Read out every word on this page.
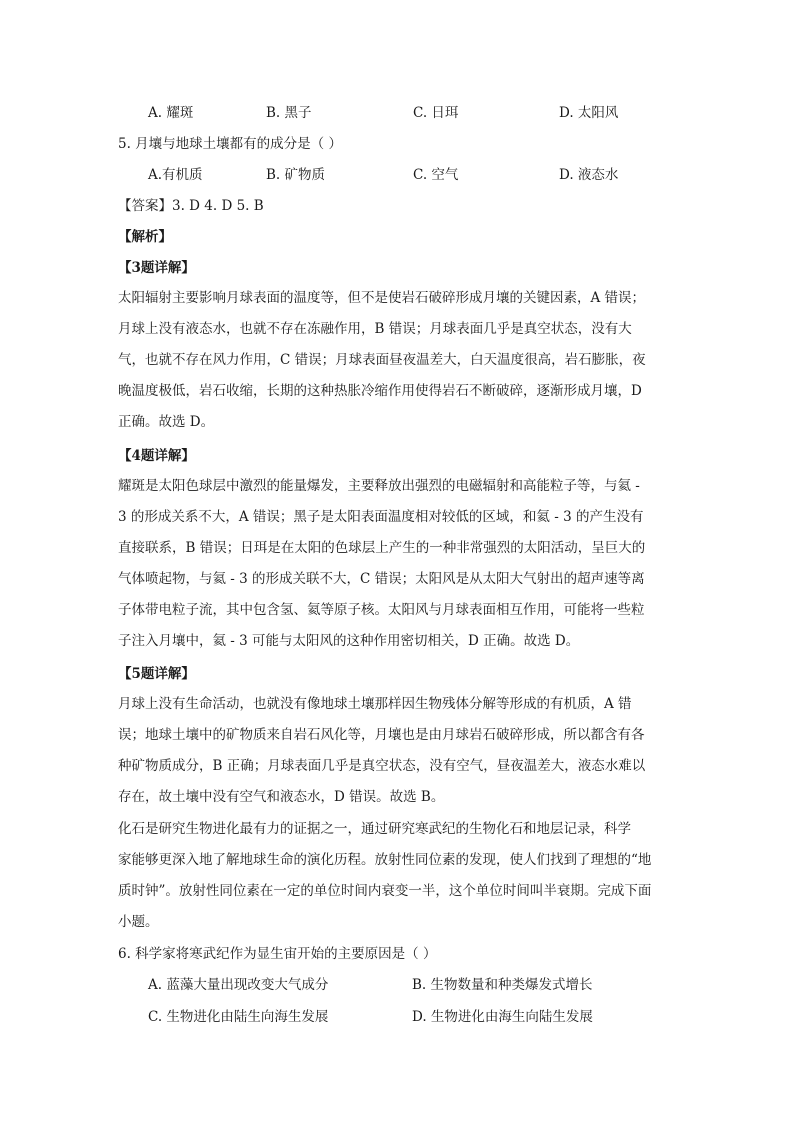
A. 耀斑	B. 黑子	C. 日珥	D. 太阳风
5. 月壤与地球土壤都有的成分是（ ）
A.有机质	B. 矿物质	C. 空气	D. 液态水
【答案】3. D 4. D 5. B
【解析】
【3题详解】
太阳辐射主要影响月球表面的温度等，但不是使岩石破碎形成月壤的关键因素，A 错误；
月球上没有液态水，也就不存在冻融作用，B 错误；月球表面几乎是真空状态，没有大
气，也就不存在风力作用，C 错误；月球表面昼夜温差大，白天温度很高，岩石膨胀，夜
晚温度极低，岩石收缩，长期的这种热胀冷缩作用使得岩石不断破碎，逐渐形成月壤，D
正确。故选 D。
【4题详解】
耀斑是太阳色球层中激烈的能量爆发，主要释放出强烈的电磁辐射和高能粒子等，与氦 -
3 的形成关系不大，A 错误；黑子是太阳表面温度相对较低的区域，和氦 - 3 的产生没有
直接联系，B 错误；日珥是在太阳的色球层上产生的一种非常强烈的太阳活动，呈巨大的
气体喷起物，与氦 - 3 的形成关联不大，C 错误；太阳风是从太阳大气射出的超声速等离
子体带电粒子流，其中包含氢、氦等原子核。太阳风与月球表面相互作用，可能将一些粒
子注入月壤中，氦 - 3 可能与太阳风的这种作用密切相关，D 正确。故选 D。
【5题详解】
月球上没有生命活动，也就没有像地球土壤那样因生物残体分解等形成的有机质，A 错
误；地球土壤中的矿物质来自岩石风化等，月壤也是由月球岩石破碎形成，所以都含有各
种矿物质成分，B 正确；月球表面几乎是真空状态，没有空气，昼夜温差大，液态水难以
存在，故土壤中没有空气和液态水，D 错误。故选 B。
化石是研究生物进化最有力的证据之一，通过研究寒武纪的生物化石和地层记录，科学
家能够更深入地了解地球生命的演化历程。放射性同位素的发现，使人们找到了理想的“地
质时钟”。放射性同位素在一定的单位时间内衰变一半，这个单位时间叫半衰期。完成下面
小题。
6. 科学家将寒武纪作为显生宙开始的主要原因是（ ）
A. 蓝藻大量出现改变大气成分	B. 生物数量和种类爆发式增长
C. 生物进化由陆生向海生发展	D. 生物进化由海生向陆生发展
